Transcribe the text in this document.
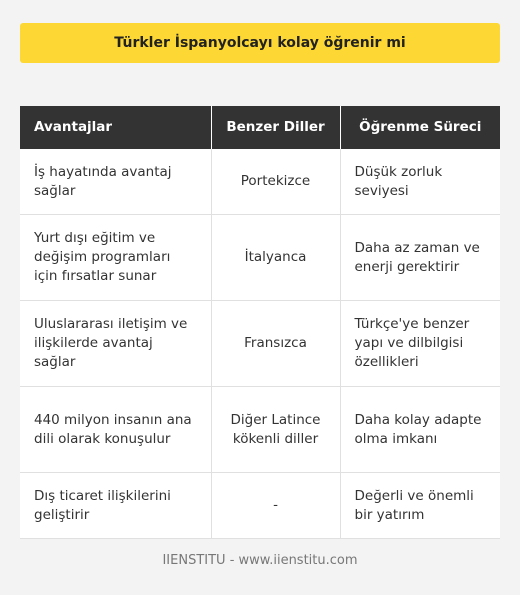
Türkler İspanyolcayı kolay öğrenir mi
Avantajlar	Benzer Diller	Öğrenme Süreci
İş hayatında avantaj sağlar	Portekizce	Düşük zorluk seviyesi
Yurt dışı eğitim ve değişim programları için fırsatlar sunar	İtalyanca	Daha az zaman ve enerji gerektirir
Uluslararası iletişim ve ilişkilerde avantaj sağlar	Fransızca	Türkçe'ye benzer yapı ve dilbilgisi özellikleri
440 milyon insanın ana dili olarak konuşulur	Diğer Latince kökenli diller	Daha kolay adapte olma imkanı
Dış ticaret ilişkilerini geliştirir	-	Değerli ve önemli bir yatırım
IIENSTITU - www.iienstitu.com
